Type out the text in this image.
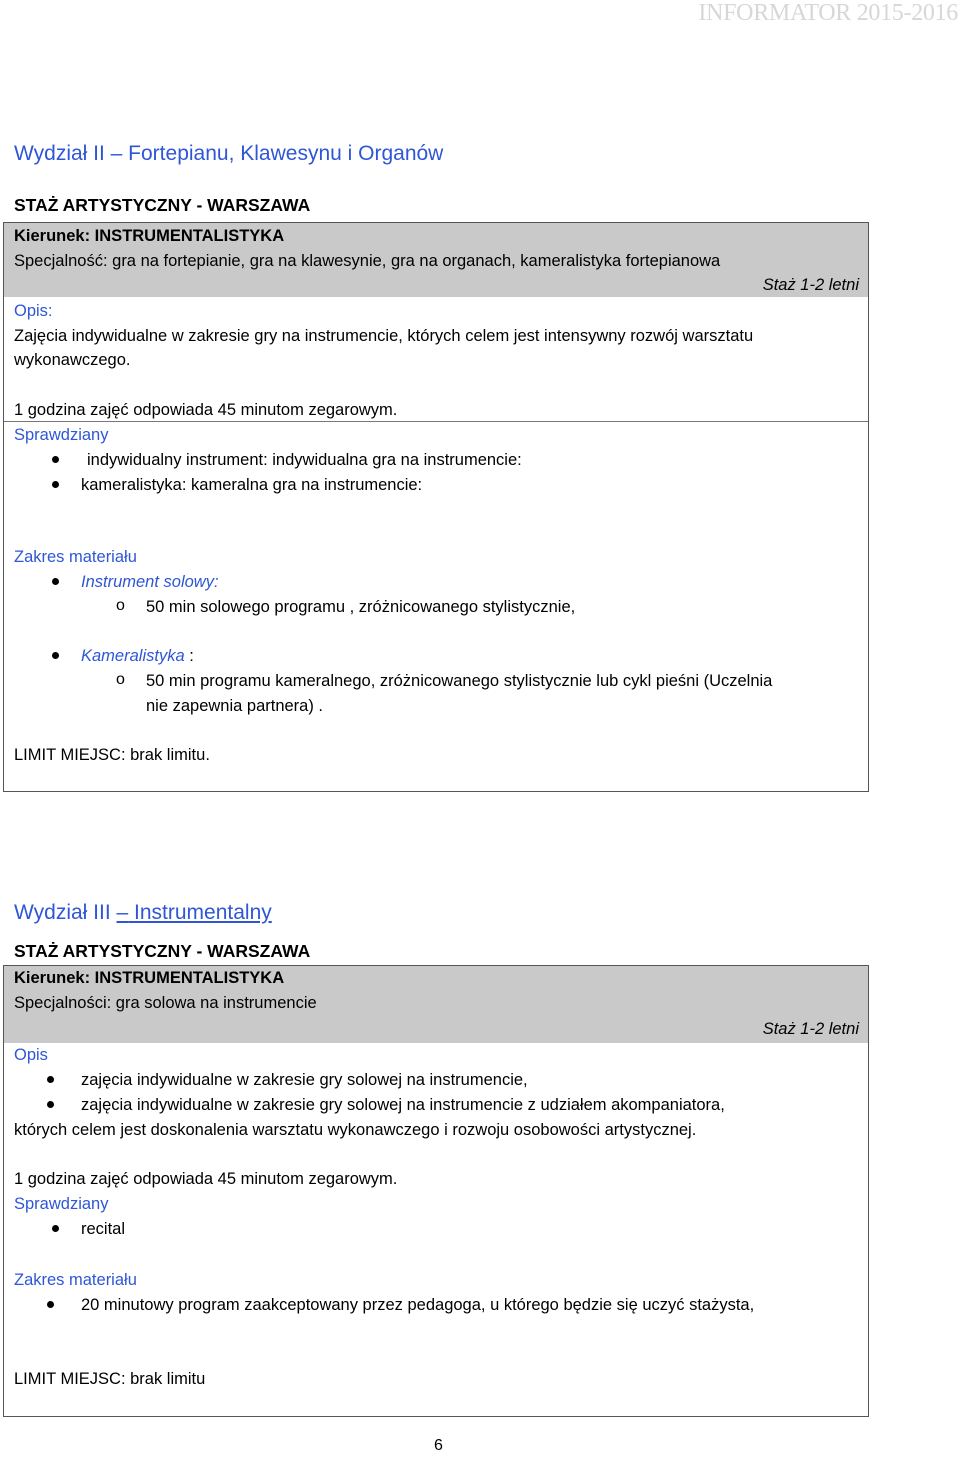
INFORMATOR 2015-2016
Wydział II – Fortepianu, Klawesynu i Organów
STAŻ ARTYSTYCZNY - WARSZAWA
Kierunek: INSTRUMENTALISTYKA
Specjalność: gra na fortepianie, gra na klawesynie, gra na organach, kameralistyka fortepianowa
Staż 1-2 letni
Opis:
Zajęcia indywidualne w zakresie gry na instrumencie, których celem jest intensywny rozwój warsztatu
wykonawczego.
1 godzina zajęć odpowiada 45 minutom zegarowym.
Sprawdziany
indywidualny instrument: indywidualna gra na instrumencie:
kameralistyka: kameralna gra na instrumencie:
Zakres materiału
Instrument solowy:
o 50 min solowego programu , zróżnicowanego stylistycznie,
Kameralistyka :
o 50 min programu kameralnego, zróżnicowanego stylistycznie lub cykl pieśni (Uczelnia
nie zapewnia partnera) .
LIMIT MIEJSC: brak limitu.
Wydział III – Instrumentalny
STAŻ ARTYSTYCZNY - WARSZAWA
Kierunek: INSTRUMENTALISTYKA
Specjalności: gra solowa na instrumencie
Staż 1-2 letni
Opis
zajęcia indywidualne w zakresie gry solowej na instrumencie,
zajęcia indywidualne w zakresie gry solowej na instrumencie z udziałem akompaniatora,
których celem jest doskonalenia warsztatu wykonawczego i rozwoju osobowości artystycznej.
1 godzina zajęć odpowiada 45 minutom zegarowym.
Sprawdziany
recital
Zakres materiału
20 minutowy program zaakceptowany przez pedagoga, u którego będzie się uczyć stażysta,
LIMIT MIEJSC: brak limitu
6
